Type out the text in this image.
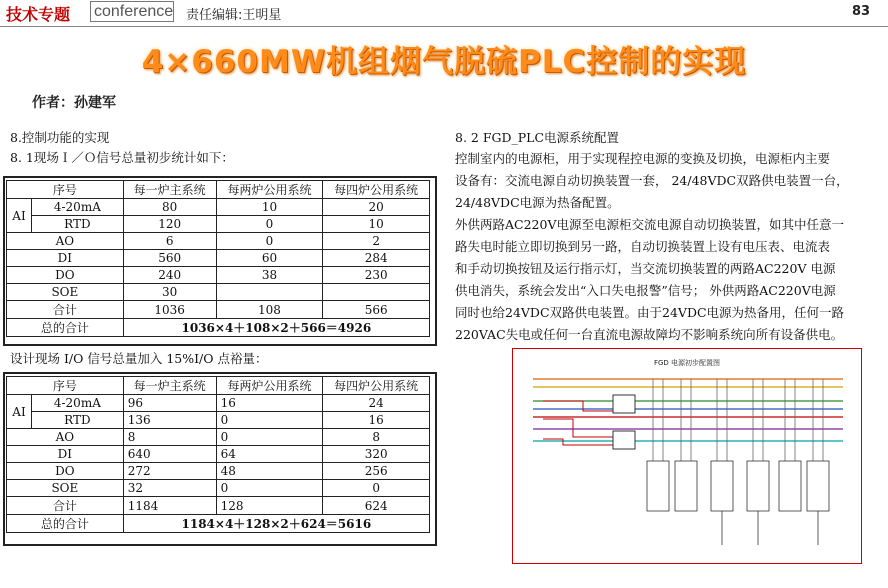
技术专题 conference 责任编辑:王明星	83
4×660MW机组烟气脱硫PLC控制的实现
作者：孙建军
8.控制功能的实现
8. 1现场Ｉ／Ｏ信号总量初步统计如下：
序号		每一炉主系统	每两炉公用系统	每四炉公用系统
AI	4-20mA	80	10	20
	RTD	120	0	10
AO		6	0	2
DI		560	60	284
DO		240	38	230
SOE		30		
合计		1036	108	566
总的合计		1036×4＋108×2＋566＝4926		
设计现场 I/O 信号总量加入 15%I/O 点裕量：
序号		每一炉主系统	每两炉公用系统	每四炉公用系统
AI	4-20mA	96	16	24
	RTD	136	0	16
AO		8	0	8
DI		640	64	320
DO		272	48	256
SOE		32	0	0
合计		1184	128	624
总的合计		1184×4＋128×2＋624＝5616		
8. 2 FGD_PLC电源系统配置
控制室内的电源柜，用于实现程控电源的变换及切换，电源柜内主要
设备有：交流电源自动切换装置一套， 24/48VDC双路供电装置一台，
24/48VDC电源为热备配置。
外供两路AC220V电源至电源柜交流电源自动切换装置，如其中任意一
路失电时能立即切换到另一路，自动切换装置上设有电压表、电流表
和手动切换按钮及运行指示灯，当交流切换装置的两路AC220V 电源
供电消失，系统会发出“入口失电报警”信号； 外供两路AC220V电源
同时也给24VDC双路供电装置。由于24VDC电源为热备用，任何一路
220VAC失电或任何一台直流电源故障均不影响系统向所有设备供电。
FGD 电源初步配置图
